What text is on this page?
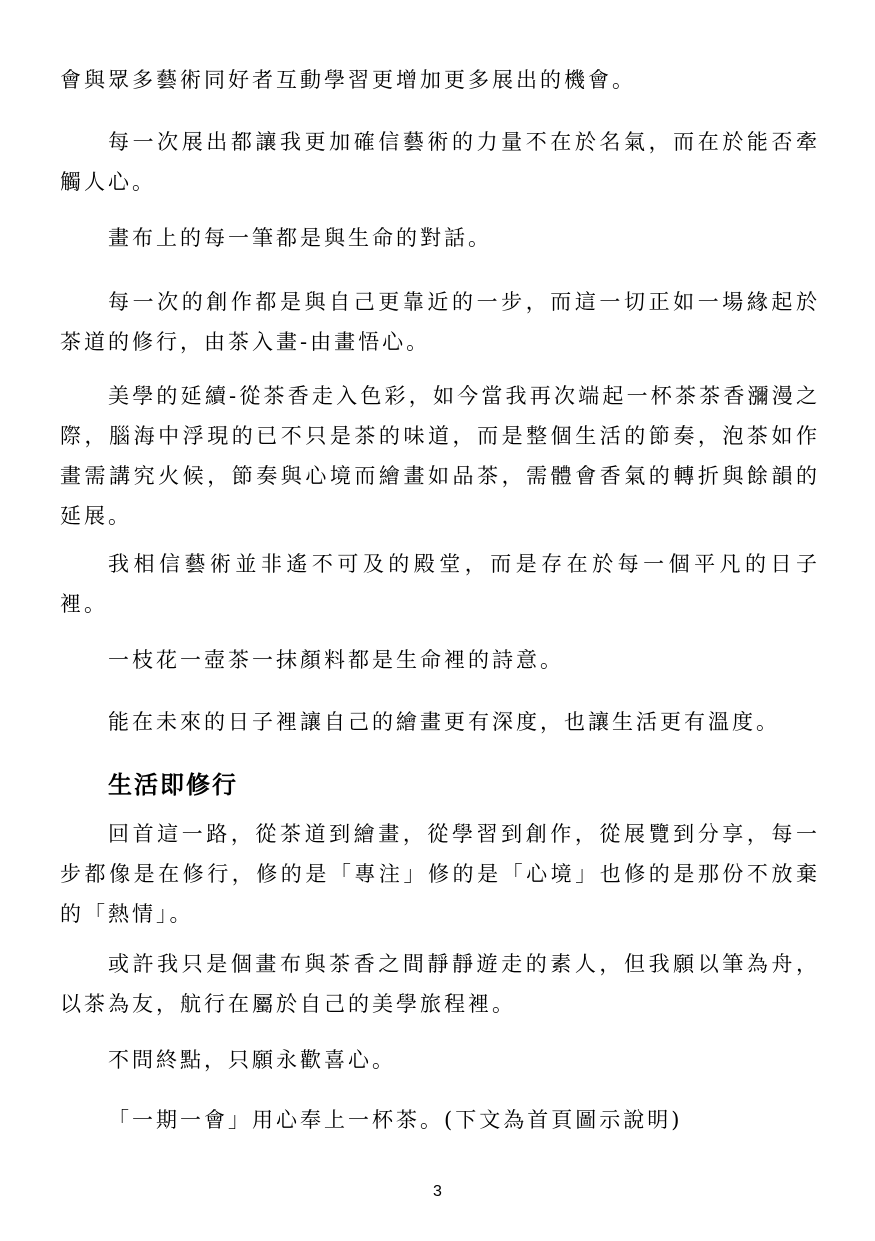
會與眾多藝術同好者互動學習更增加更多展出的機會。

每一次展出都讓我更加確信藝術的力量不在於名氣，而在於能否牽觸人心。

畫布上的每一筆都是與生命的對話。

每一次的創作都是與自己更靠近的一步，而這一切正如一場緣起於茶道的修行，由茶入畫-由畫悟心。

美學的延續-從茶香走入色彩，如今當我再次端起一杯茶茶香瀰漫之際，腦海中浮現的已不只是茶的味道，而是整個生活的節奏，泡茶如作畫需講究火候，節奏與心境而繪畫如品茶，需體會香氣的轉折與餘韻的延展。

我相信藝術並非遙不可及的殿堂，而是存在於每一個平凡的日子裡。

一枝花一壺茶一抹顏料都是生命裡的詩意。

能在未來的日子裡讓自己的繪畫更有深度，也讓生活更有溫度。

生活即修行

回首這一路，從茶道到繪畫，從學習到創作，從展覽到分享，每一步都像是在修行，修的是「專注」修的是「心境」也修的是那份不放棄的「熱情」。

或許我只是個畫布與茶香之間靜靜遊走的素人，但我願以筆為舟，以茶為友，航行在屬於自己的美學旅程裡。

不問終點，只願永歡喜心。

「一期一會」用心奉上一杯茶。(下文為首頁圖示說明)

3
